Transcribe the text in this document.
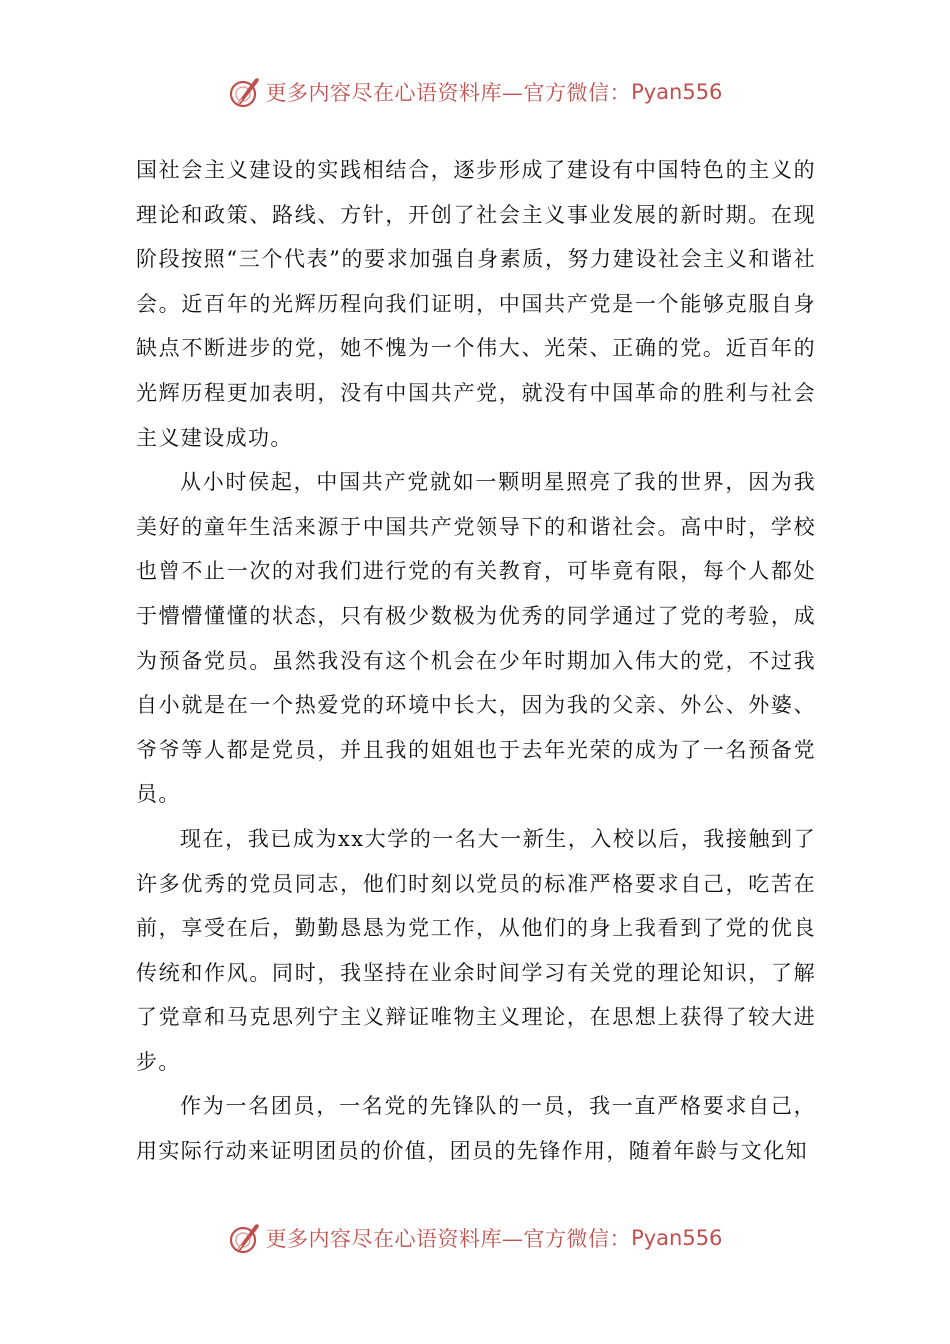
更多内容尽在心语资料库—官方微信： Pyan556

国社会主义建设的实践相结合，逐步形成了建设有中国特色的主义的理论和政策、路线、方针，开创了社会主义事业发展的新时期。在现阶段按照“三个代表”的要求加强自身素质，努力建设社会主义和谐社会。近百年的光辉历程向我们证明，中国共产党是一个能够克服自身缺点不断进步的党，她不愧为一个伟大、光荣、正确的党。近百年的光辉历程更加表明，没有中国共产党，就没有中国革命的胜利与社会主义建设成功。

从小时侯起，中国共产党就如一颗明星照亮了我的世界，因为我美好的童年生活来源于中国共产党领导下的和谐社会。高中时，学校也曾不止一次的对我们进行党的有关教育，可毕竟有限，每个人都处于懵懵懂懂的状态，只有极少数极为优秀的同学通过了党的考验，成为预备党员。虽然我没有这个机会在少年时期加入伟大的党，不过我自小就是在一个热爱党的环境中长大，因为我的父亲、外公、外婆、爷爷等人都是党员，并且我的姐姐也于去年光荣的成为了一名预备党员。

现在，我已成为xx大学的一名大一新生，入校以后，我接触到了许多优秀的党员同志，他们时刻以党员的标准严格要求自己，吃苦在前，享受在后，勤勤恳恳为党工作，从他们的身上我看到了党的优良传统和作风。同时，我坚持在业余时间学习有关党的理论知识，了解了党章和马克思列宁主义辩证唯物主义理论，在思想上获得了较大进步。

作为一名团员，一名党的先锋队的一员，我一直严格要求自己，用实际行动来证明团员的价值，团员的先锋作用，随着年龄与文化知

更多内容尽在心语资料库—官方微信： Pyan556
